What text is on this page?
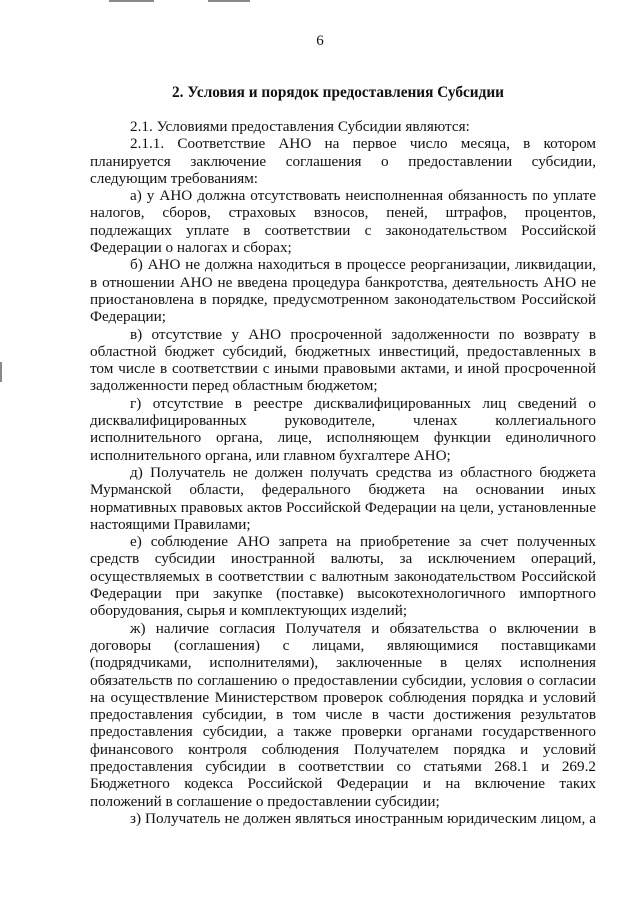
6
2. Условия и порядок предоставления Субсидии
2.1. Условиями предоставления Субсидии являются:
2.1.1. Соответствие АНО на первое число месяца, в котором
планируется заключение соглашения о предоставлении субсидии,
следующим требованиям:
а) у АНО должна отсутствовать неисполненная обязанность по уплате
налогов, сборов, страховых взносов, пеней, штрафов, процентов,
подлежащих уплате в соответствии с законодательством Российской
Федерации о налогах и сборах;
б) АНО не должна находиться в процессе реорганизации, ликвидации,
в отношении АНО не введена процедура банкротства, деятельность АНО не
приостановлена в порядке, предусмотренном законодательством Российской
Федерации;
в) отсутствие у АНО просроченной задолженности по возврату в
областной бюджет субсидий, бюджетных инвестиций, предоставленных в
том числе в соответствии с иными правовыми актами, и иной просроченной
задолженности перед областным бюджетом;
г) отсутствие в реестре дисквалифицированных лиц сведений о
дисквалифицированных руководителе, членах коллегиального
исполнительного органа, лице, исполняющем функции единоличного
исполнительного органа, или главном бухгалтере АНО;
д) Получатель не должен получать средства из областного бюджета
Мурманской области, федерального бюджета на основании иных
нормативных правовых актов Российской Федерации на цели, установленные
настоящими Правилами;
е) соблюдение АНО запрета на приобретение за счет полученных
средств субсидии иностранной валюты, за исключением операций,
осуществляемых в соответствии с валютным законодательством Российской
Федерации при закупке (поставке) высокотехнологичного импортного
оборудования, сырья и комплектующих изделий;
ж) наличие согласия Получателя и обязательства о включении в
договоры (соглашения) с лицами, являющимися поставщиками
(подрядчиками, исполнителями), заключенные в целях исполнения
обязательств по соглашению о предоставлении субсидии, условия о согласии
на осуществление Министерством проверок соблюдения порядка и условий
предоставления субсидии, в том числе в части достижения результатов
предоставления субсидии, а также проверки органами государственного
финансового контроля соблюдения Получателем порядка и условий
предоставления субсидии в соответствии со статьями 268.1 и 269.2
Бюджетного кодекса Российской Федерации и на включение таких
положений в соглашение о предоставлении субсидии;
з) Получатель не должен являться иностранным юридическим лицом, а
